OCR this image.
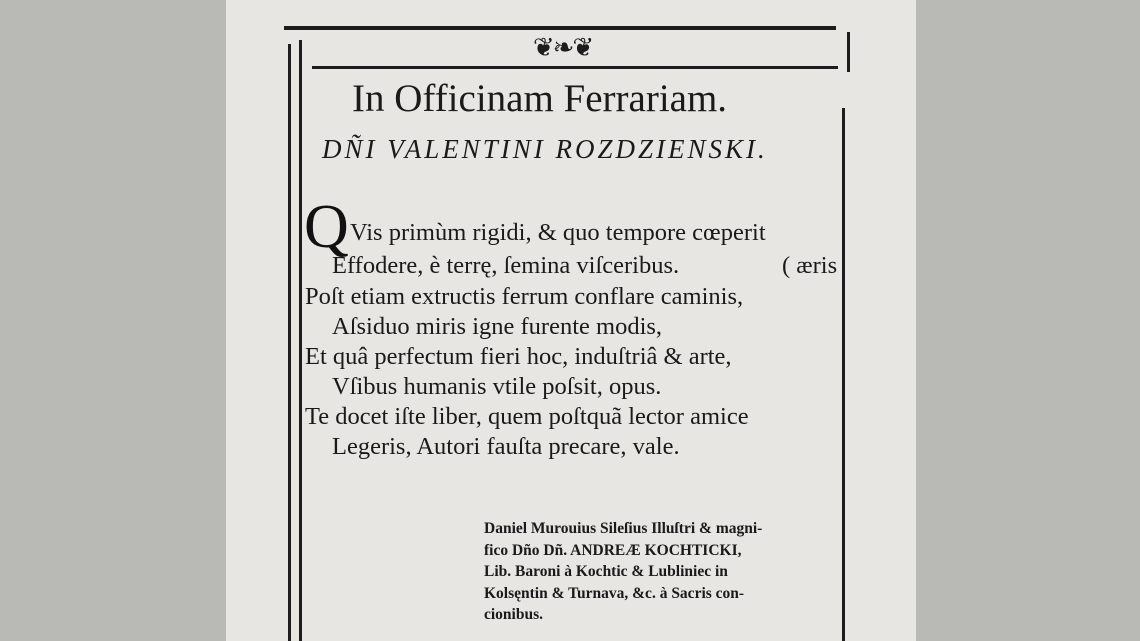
❦❧❦
In Officinam Ferrariam.
DÑI VALENTINI ROZDZIENSKI.
Q Vis primùm rigidi, & quo tempore cœperit
Effodere, è terrę, ſemina viſceribus.	( æris
Poſt etiam extructis ferrum conflare caminis,
Aſsiduo miris igne furente modis,
Et quâ perfectum fieri hoc, induſtriâ & arte,
Vſibus humanis vtile poſsit, opus.
Te docet iſte liber, quem poſtquã lector amice
Legeris, Autori fauſta precare, vale.
Daniel Murouius Sileſius Illuſtri & magni-
fico Dño Dñ. ANDREÆ KOCHTICKI,
Lib. Baroni à Kochtic & Lubliniec in
Kolsęntin & Turnava, &c. à Sacris con-
cionibus.
